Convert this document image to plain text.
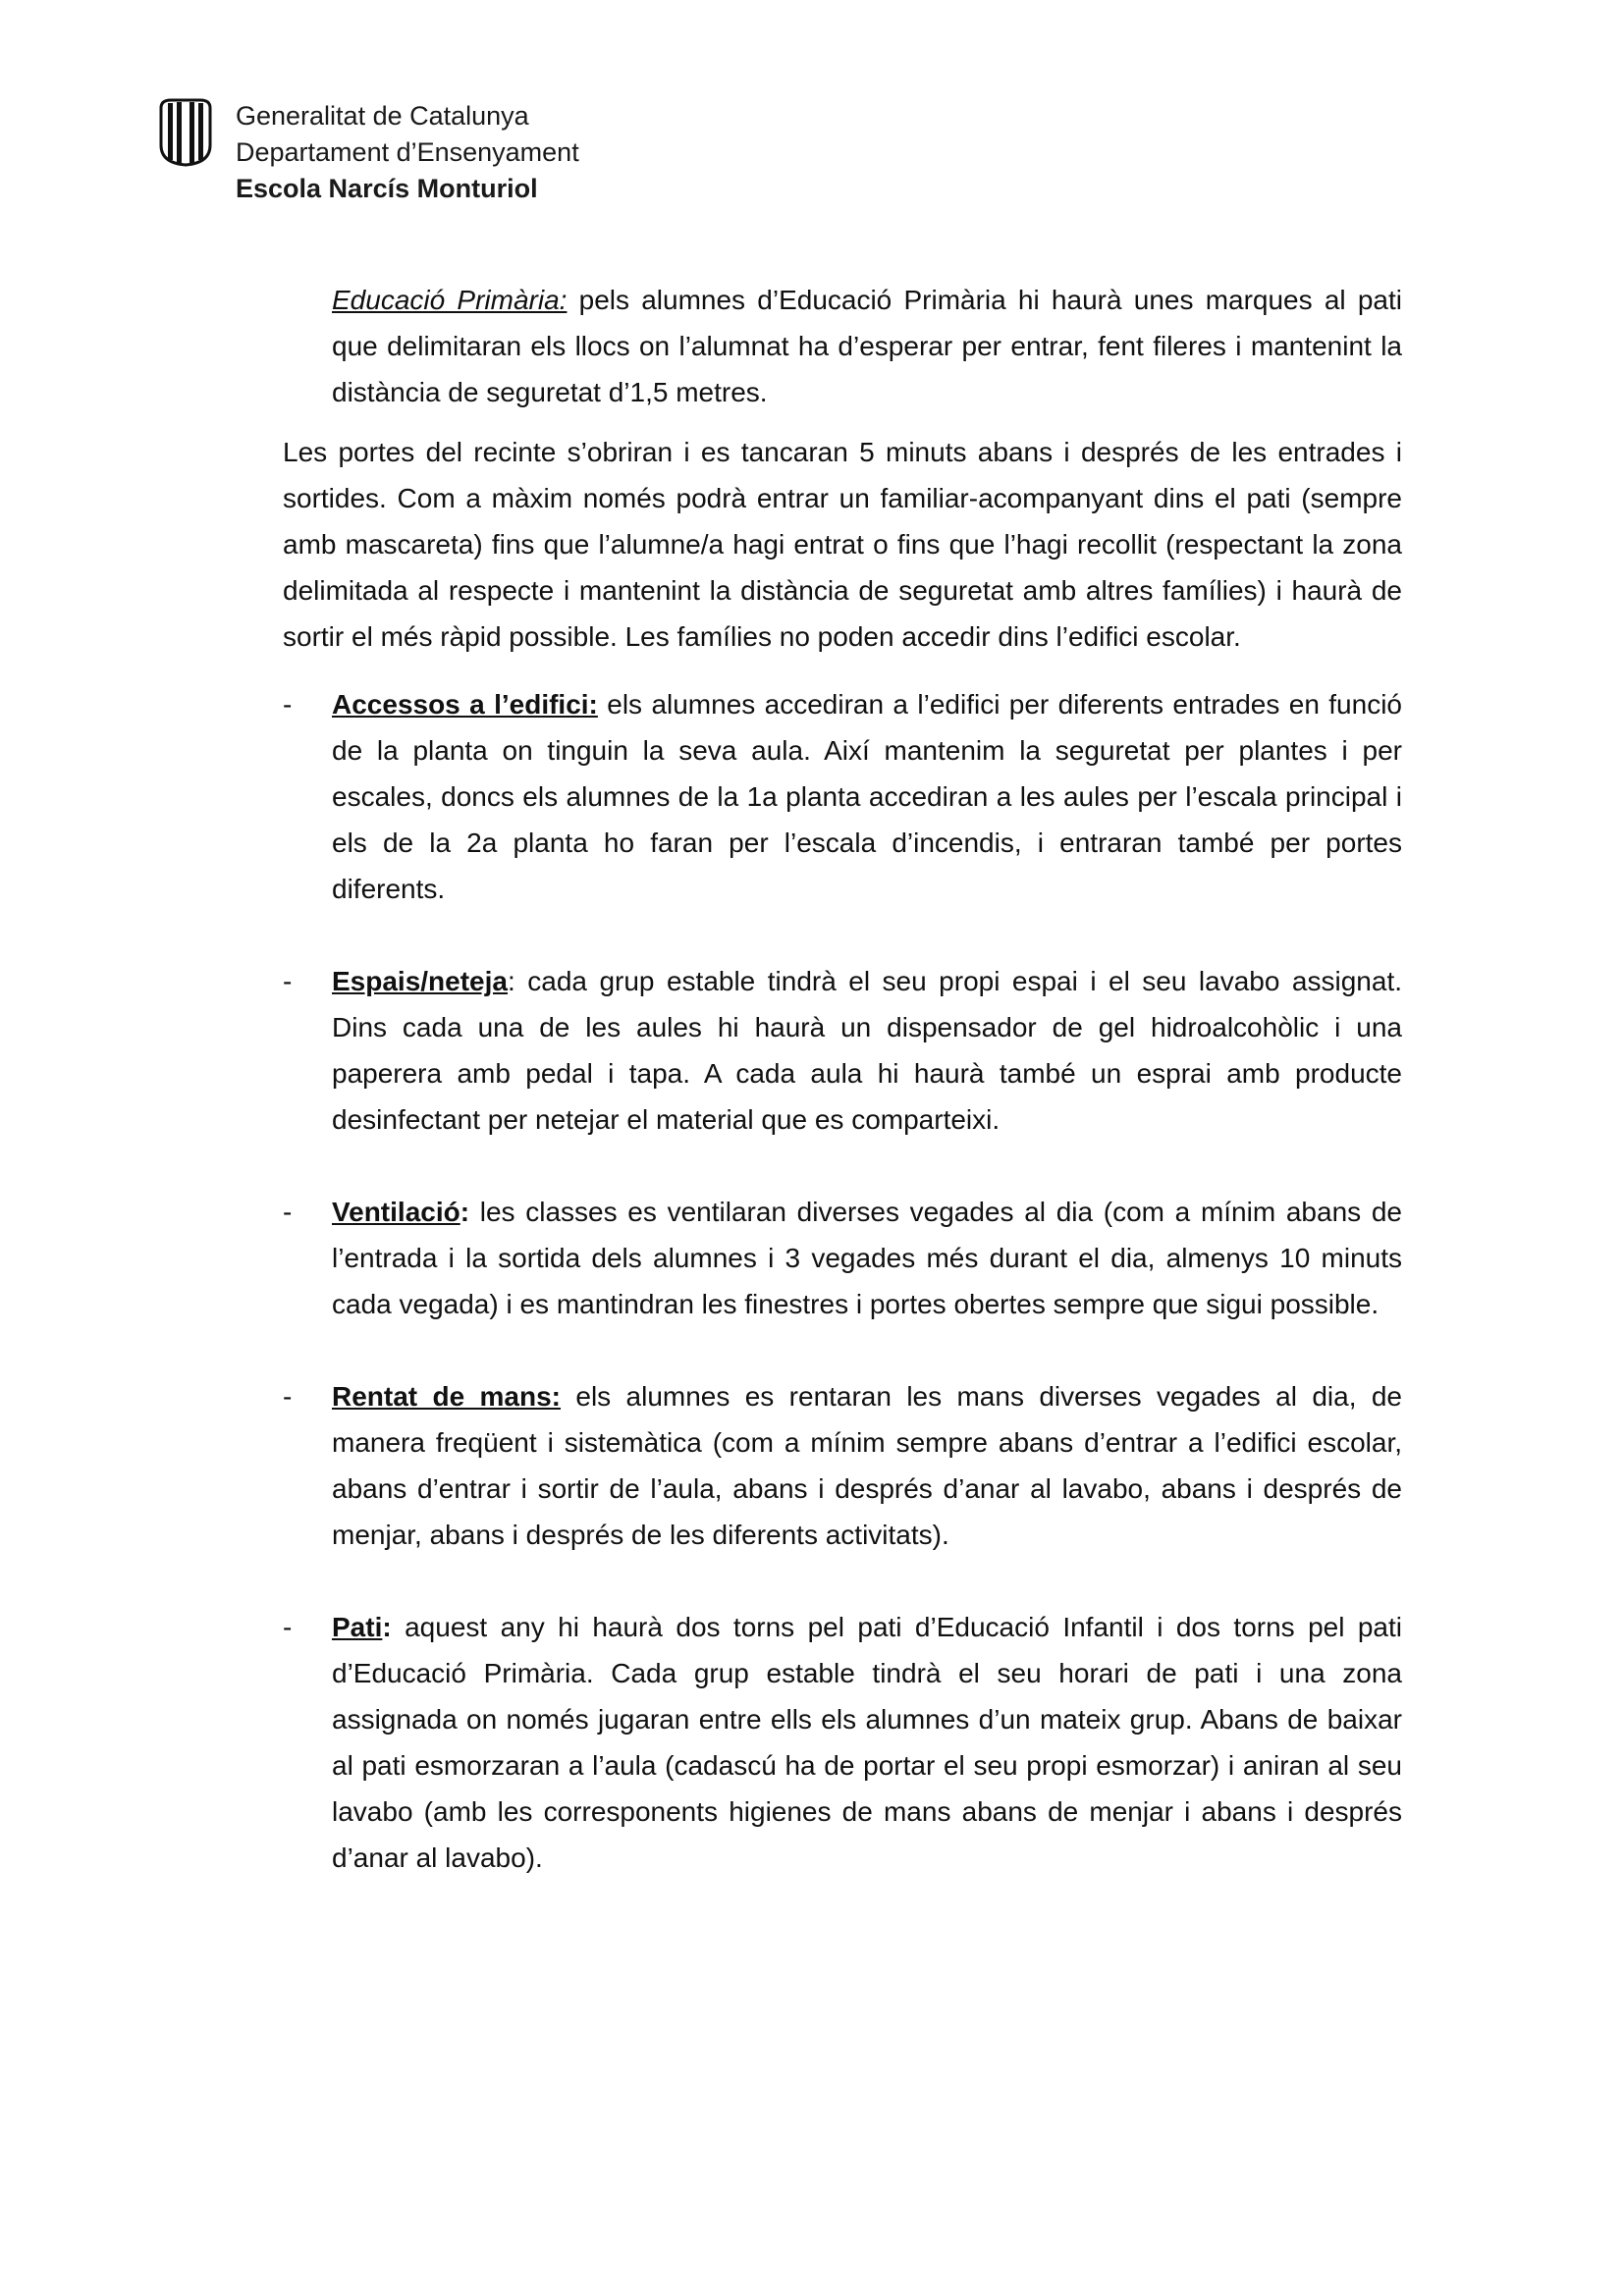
Generalitat de Catalunya
Departament d’Ensenyament
Escola Narcís Monturiol

Educació Primària: pels alumnes d’Educació Primària hi haurà unes marques al pati que delimitaran els llocs on l’alumnat ha d’esperar per entrar, fent fileres i mantenint la distància de seguretat d’1,5 metres.

Les portes del recinte s’obriran i es tancaran 5 minuts abans i després de les entrades i sortides. Com a màxim només podrà entrar un familiar-acompanyant dins el pati (sempre amb mascareta) fins que l’alumne/a hagi entrat o fins que l’hagi recollit (respectant la zona delimitada al respecte i mantenint la distància de seguretat amb altres famílies) i haurà de sortir el més ràpid possible. Les famílies no poden accedir dins l’edifici escolar.

- Accessos a l’edifici: els alumnes accediran a l’edifici per diferents entrades en funció de la planta on tinguin la seva aula. Així mantenim la seguretat per plantes i per escales, doncs els alumnes de la 1a planta accediran a les aules per l’escala principal i els de la 2a planta ho faran per l’escala d’incendis, i entraran també per portes diferents.

- Espais/neteja: cada grup estable tindrà el seu propi espai i el seu lavabo assignat. Dins cada una de les aules hi haurà un dispensador de gel hidroalcohòlic i una paperera amb pedal i tapa. A cada aula hi haurà també un esprai amb producte desinfectant per netejar el material que es comparteixi.

- Ventilació: les classes es ventilaran diverses vegades al dia (com a mínim abans de l’entrada i la sortida dels alumnes i 3 vegades més durant el dia, almenys 10 minuts cada vegada) i es mantindran les finestres i portes obertes sempre que sigui possible.

- Rentat de mans: els alumnes es rentaran les mans diverses vegades al dia, de manera freqüent i sistemàtica (com a mínim sempre abans d’entrar a l’edifici escolar, abans d’entrar i sortir de l’aula, abans i després d’anar al lavabo, abans i després de menjar, abans i després de les diferents activitats).

- Pati: aquest any hi haurà dos torns pel pati d’Educació Infantil i dos torns pel pati d’Educació Primària. Cada grup estable tindrà el seu horari de pati i una zona assignada on només jugaran entre ells els alumnes d’un mateix grup. Abans de baixar al pati esmorzaran a l’aula (cadascú ha de portar el seu propi esmorzar) i aniran al seu lavabo (amb les corresponents higienes de mans abans de menjar i abans i després d’anar al lavabo).
